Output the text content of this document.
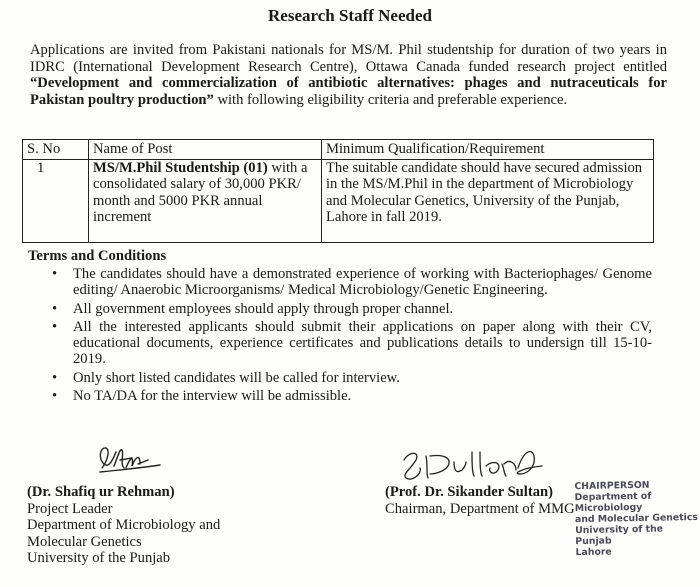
Research Staff Needed
Applications are invited from Pakistani nationals for MS/M. Phil studentship for duration of two years in IDRC (International Development Research Centre), Ottawa Canada funded research project entitled “Development and commercialization of antibiotic alternatives: phages and nutraceuticals for Pakistan poultry production” with following eligibility criteria and preferable experience.
S. No	Name of Post	Minimum Qualification/Requirement
1	MS/M.Phil Studentship (01) with a consolidated salary of 30,000 PKR/ month and 5000 PKR annual increment	The suitable candidate should have secured admission in the MS/M.Phil in the department of Microbiology and Molecular Genetics, University of the Punjab, Lahore in fall 2019.
Terms and Conditions
• The candidates should have a demonstrated experience of working with Bacteriophages/ Genome editing/ Anaerobic Microorganisms/ Medical Microbiology/Genetic Engineering.
• All government employees should apply through proper channel.
• All the interested applicants should submit their applications on paper along with their CV, educational documents, experience certificates and publications details to undersign till 15-10-2019.
• Only short listed candidates will be called for interview.
• No TA/DA for the interview will be admissible.
(Dr. Shafiq ur Rehman)
Project Leader
Department of Microbiology and
Molecular Genetics
University of the Punjab
(Prof. Dr. Sikander Sultan)
Chairman, Department of MMG
CHAIRPERSON
Department of Microbiology
and Molecular Genetics
University of the Punjab
Lahore
